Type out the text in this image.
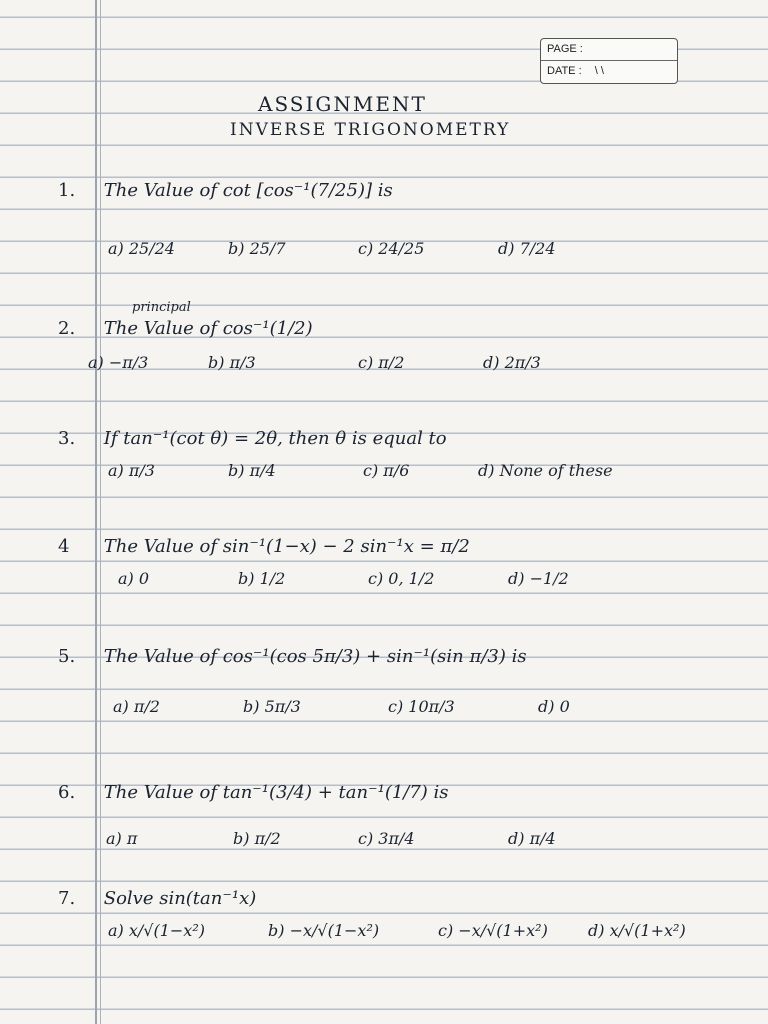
PAGE :
DATE : \ \
ASSIGNMENT
INVERSE TRIGONOMETRY
principal
1. The Value of cot [cos⁻¹(7/25)] is
a) 25/24	b) 25/7	c) 24/25	d) 7/24
2. The Value of cos⁻¹(1/2)
a) −π/3	b) π/3	c) π/2	d) 2π/3
3. If tan⁻¹(cot θ) = 2θ, then θ is equal to
a) π/3	b) π/4	c) π/6	d) None of these
4 The Value of sin⁻¹(1−x) − 2 sin⁻¹x = π/2
a) 0	b) 1/2	c) 0, 1/2	d) −1/2
5. The Value of cos⁻¹(cos 5π/3) + sin⁻¹(sin π/3) is
a) π/2	b) 5π/3	c) 10π/3	d) 0
6. The Value of tan⁻¹(3/4) + tan⁻¹(1/7) is
a) π	b) π/2	c) 3π/4	d) π/4
7. Solve sin(tan⁻¹x)
a) x/√(1−x²)	b) −x/√(1−x²)	c) −x/√(1+x²)	d) x/√(1+x²)
